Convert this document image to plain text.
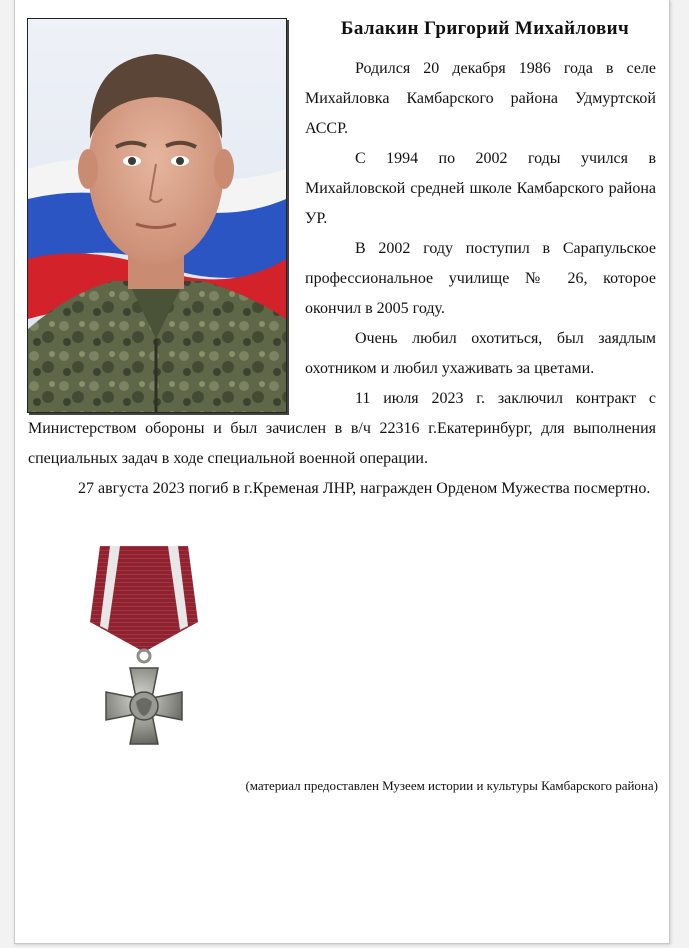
Балакин Григорий Михайлович

Родился 20 декабря 1986 года в селе Михайловка Камбарского района Удмуртской АССР.

С 1994 по 2002 годы учился в Михайловской средней школе Камбарского района УР.

В 2002 году поступил в Сарапульское профессиональное училище № 26, которое окончил в 2005 году.

Очень любил охотиться, был заядлым охотником и любил ухаживать за цветами.

11 июля 2023 г. заключил контракт с

Министерством обороны и был зачислен в в/ч 22316 г.Екатеринбург, для выполнения специальных задач в ходе специальной военной операции.

27 августа 2023 погиб в г.Кременая ЛНР, награжден Орденом Мужества посмертно.

(материал предоставлен Музеем истории и культуры Камбарского района)
